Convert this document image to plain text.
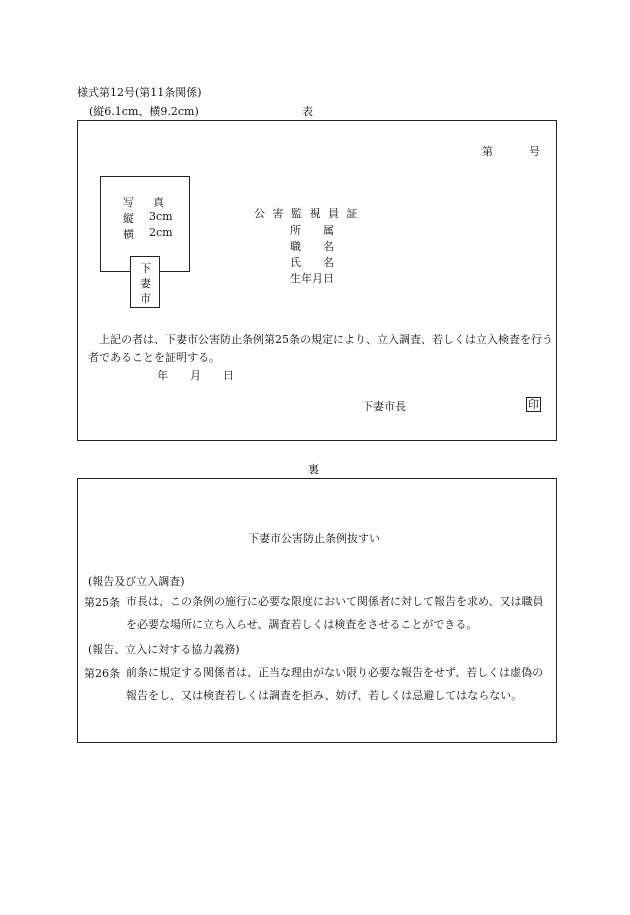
様式第12号(第11条関係)
(縦6.1cm、横9.2cm)	表
第	号
写 真
縦 3cm
横 2cm
下
妻
市
公 害 監 視 員 証
所　　属
職　　名
氏　　名
生年月日
上記の者は、下妻市公害防止条例第25条の規定により、立入調査、若しくは立入検査を行う者であることを証明する。
年　　月　　日
下妻市長	印
裏
下妻市公害防止条例抜すい
(報告及び立入調査)
第25条 市長は、この条例の施行に必要な限度において関係者に対して報告を求め、又は職員を必要な場所に立ち入らせ、調査若しくは検査をさせることができる。
(報告、立入に対する協力義務)
第26条 前条に規定する関係者は、正当な理由がない限り必要な報告をせず、若しくは虚偽の報告をし、又は検査若しくは調査を拒み、妨げ、若しくは忌避してはならない。
